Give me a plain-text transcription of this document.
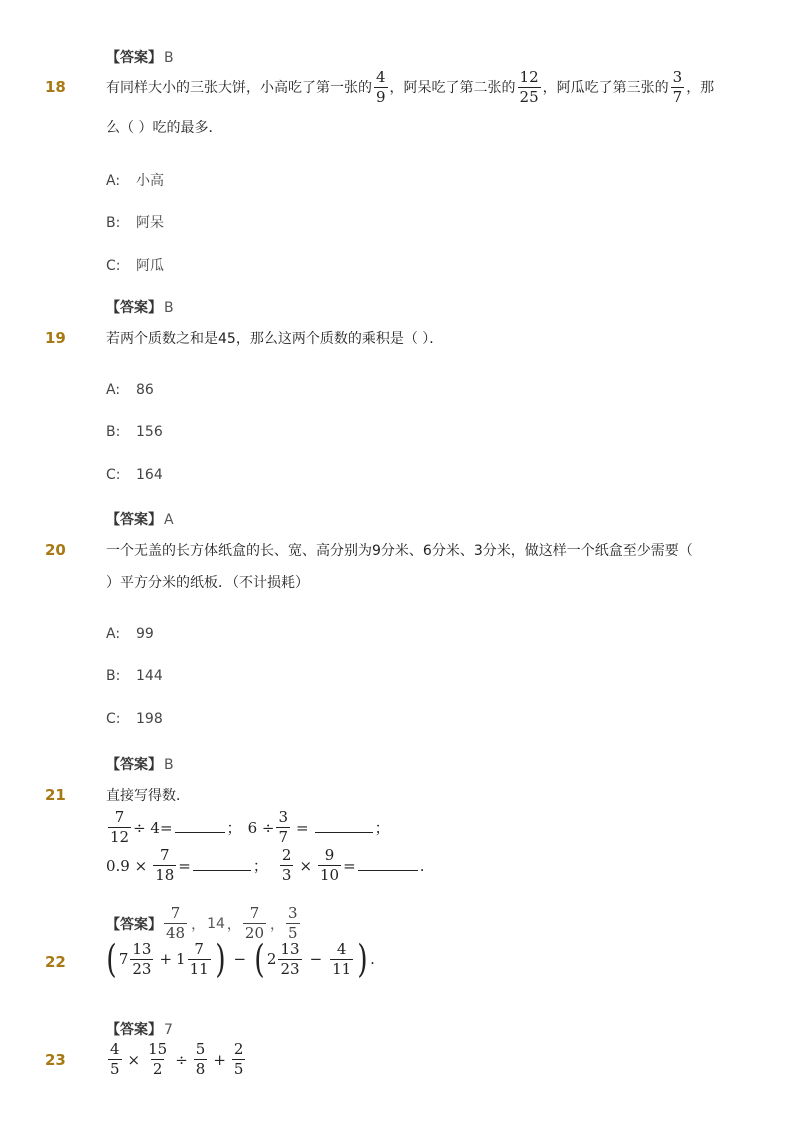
【答案】 B
18	有同样大小的三张大饼，小高吃了第一张的 $\frac{4}{9}$ ，阿呆吃了第二张的 $\frac{12}{25}$ ，阿瓜吃了第三张的 $\frac{3}{7}$ ，那
么（ ）吃的最多．
A: 小高
B: 阿呆
C: 阿瓜
【答案】 B
19	若两个质数之和是45，那么这两个质数的乘积是（ ）．
A: 86
B: 156
C: 164
【答案】 A
20	一个无盖的长方体纸盒的长、宽、高分别为9分米、6分米、3分米，做这样一个纸盒至少需要（
）平方分米的纸板．（不计损耗）
A: 99
B: 144
C: 198
【答案】 B
21	直接写得数．
$\frac{7}{12} \div 4=$	； $6 \div \frac{3}{7}$ =	；
$0.9 \times \frac{7}{18}$ =	； $\frac{2}{3} \times \frac{9}{10}$ =	.
【答案】 $\frac{7}{48}$ ， 14 ， $\frac{7}{20}$ ， $\frac{3}{5}$
22 ( $7 \frac{13}{23} + 1 \frac{7}{11}$ ) − ( $2 \frac{13}{23} - \frac{4}{11}$ ) .
【答案】 7
23	$\frac{4}{5} \times \frac{15}{2} \div \frac{5}{8} + \frac{2}{5}$
